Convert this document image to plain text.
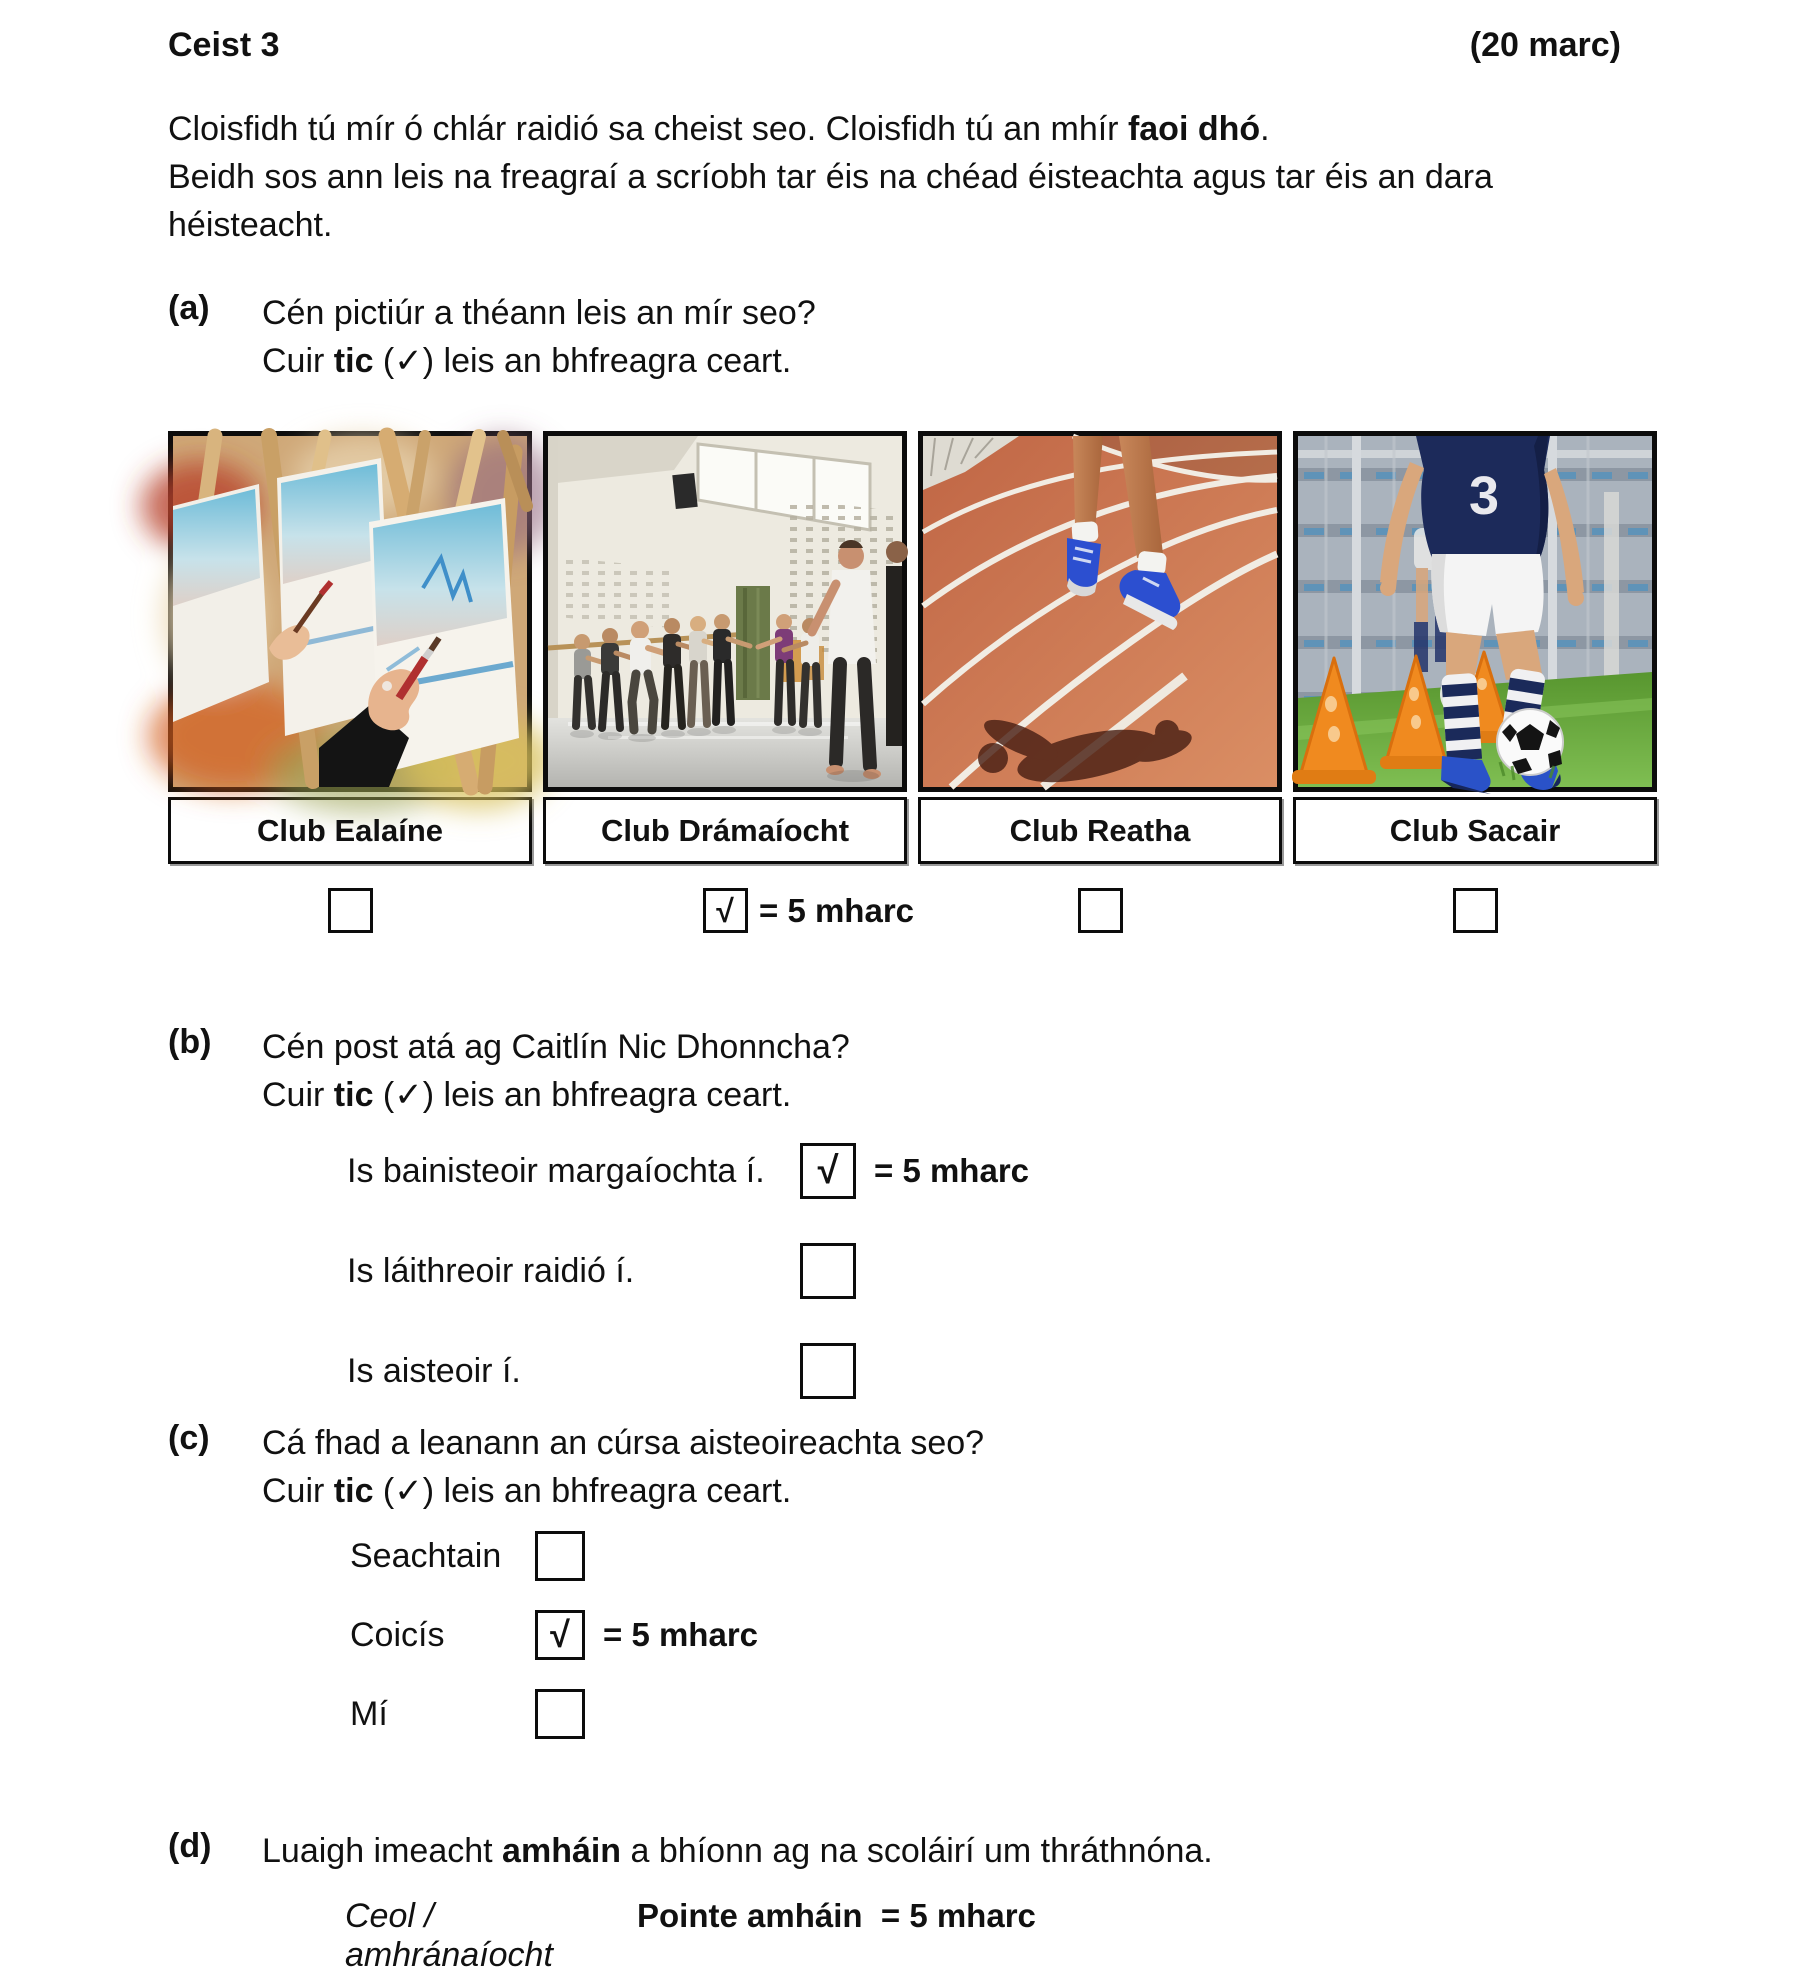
Ceist 3	(20 marc)
Cloisfidh tú mír ó chlár raidió sa cheist seo. Cloisfidh tú an mhír faoi dhó.
Beidh sos ann leis na freagraí a scríobh tar éis na chéad éisteachta agus tar éis an dara héisteacht.
(a)	Cén pictiúr a théann leis an mír seo?
Cuir tic (✓) leis an bhfreagra ceart.
Club Ealaíne	Club Drámaíocht	Club Reatha
3
Club Sacair
√ = 5 mharc
(b)	Cén post atá ag Caitlín Nic Dhonncha?
Cuir tic (✓) leis an bhfreagra ceart.
Is bainisteoir margaíochta í.	√	= 5 mharc
Is láithreoir raidió í.
Is aisteoir í.
(c)	Cá fhad a leanann an cúrsa aisteoireachta seo?
Cuir tic (✓) leis an bhfreagra ceart.
Seachtain
Coicís	√	= 5 mharc
Mí
(d)	Luaigh imeacht amháin a bhíonn ag na scoláirí um thráthnóna.
Ceol / amhránaíocht
Pointe amháin  = 5 mharc
